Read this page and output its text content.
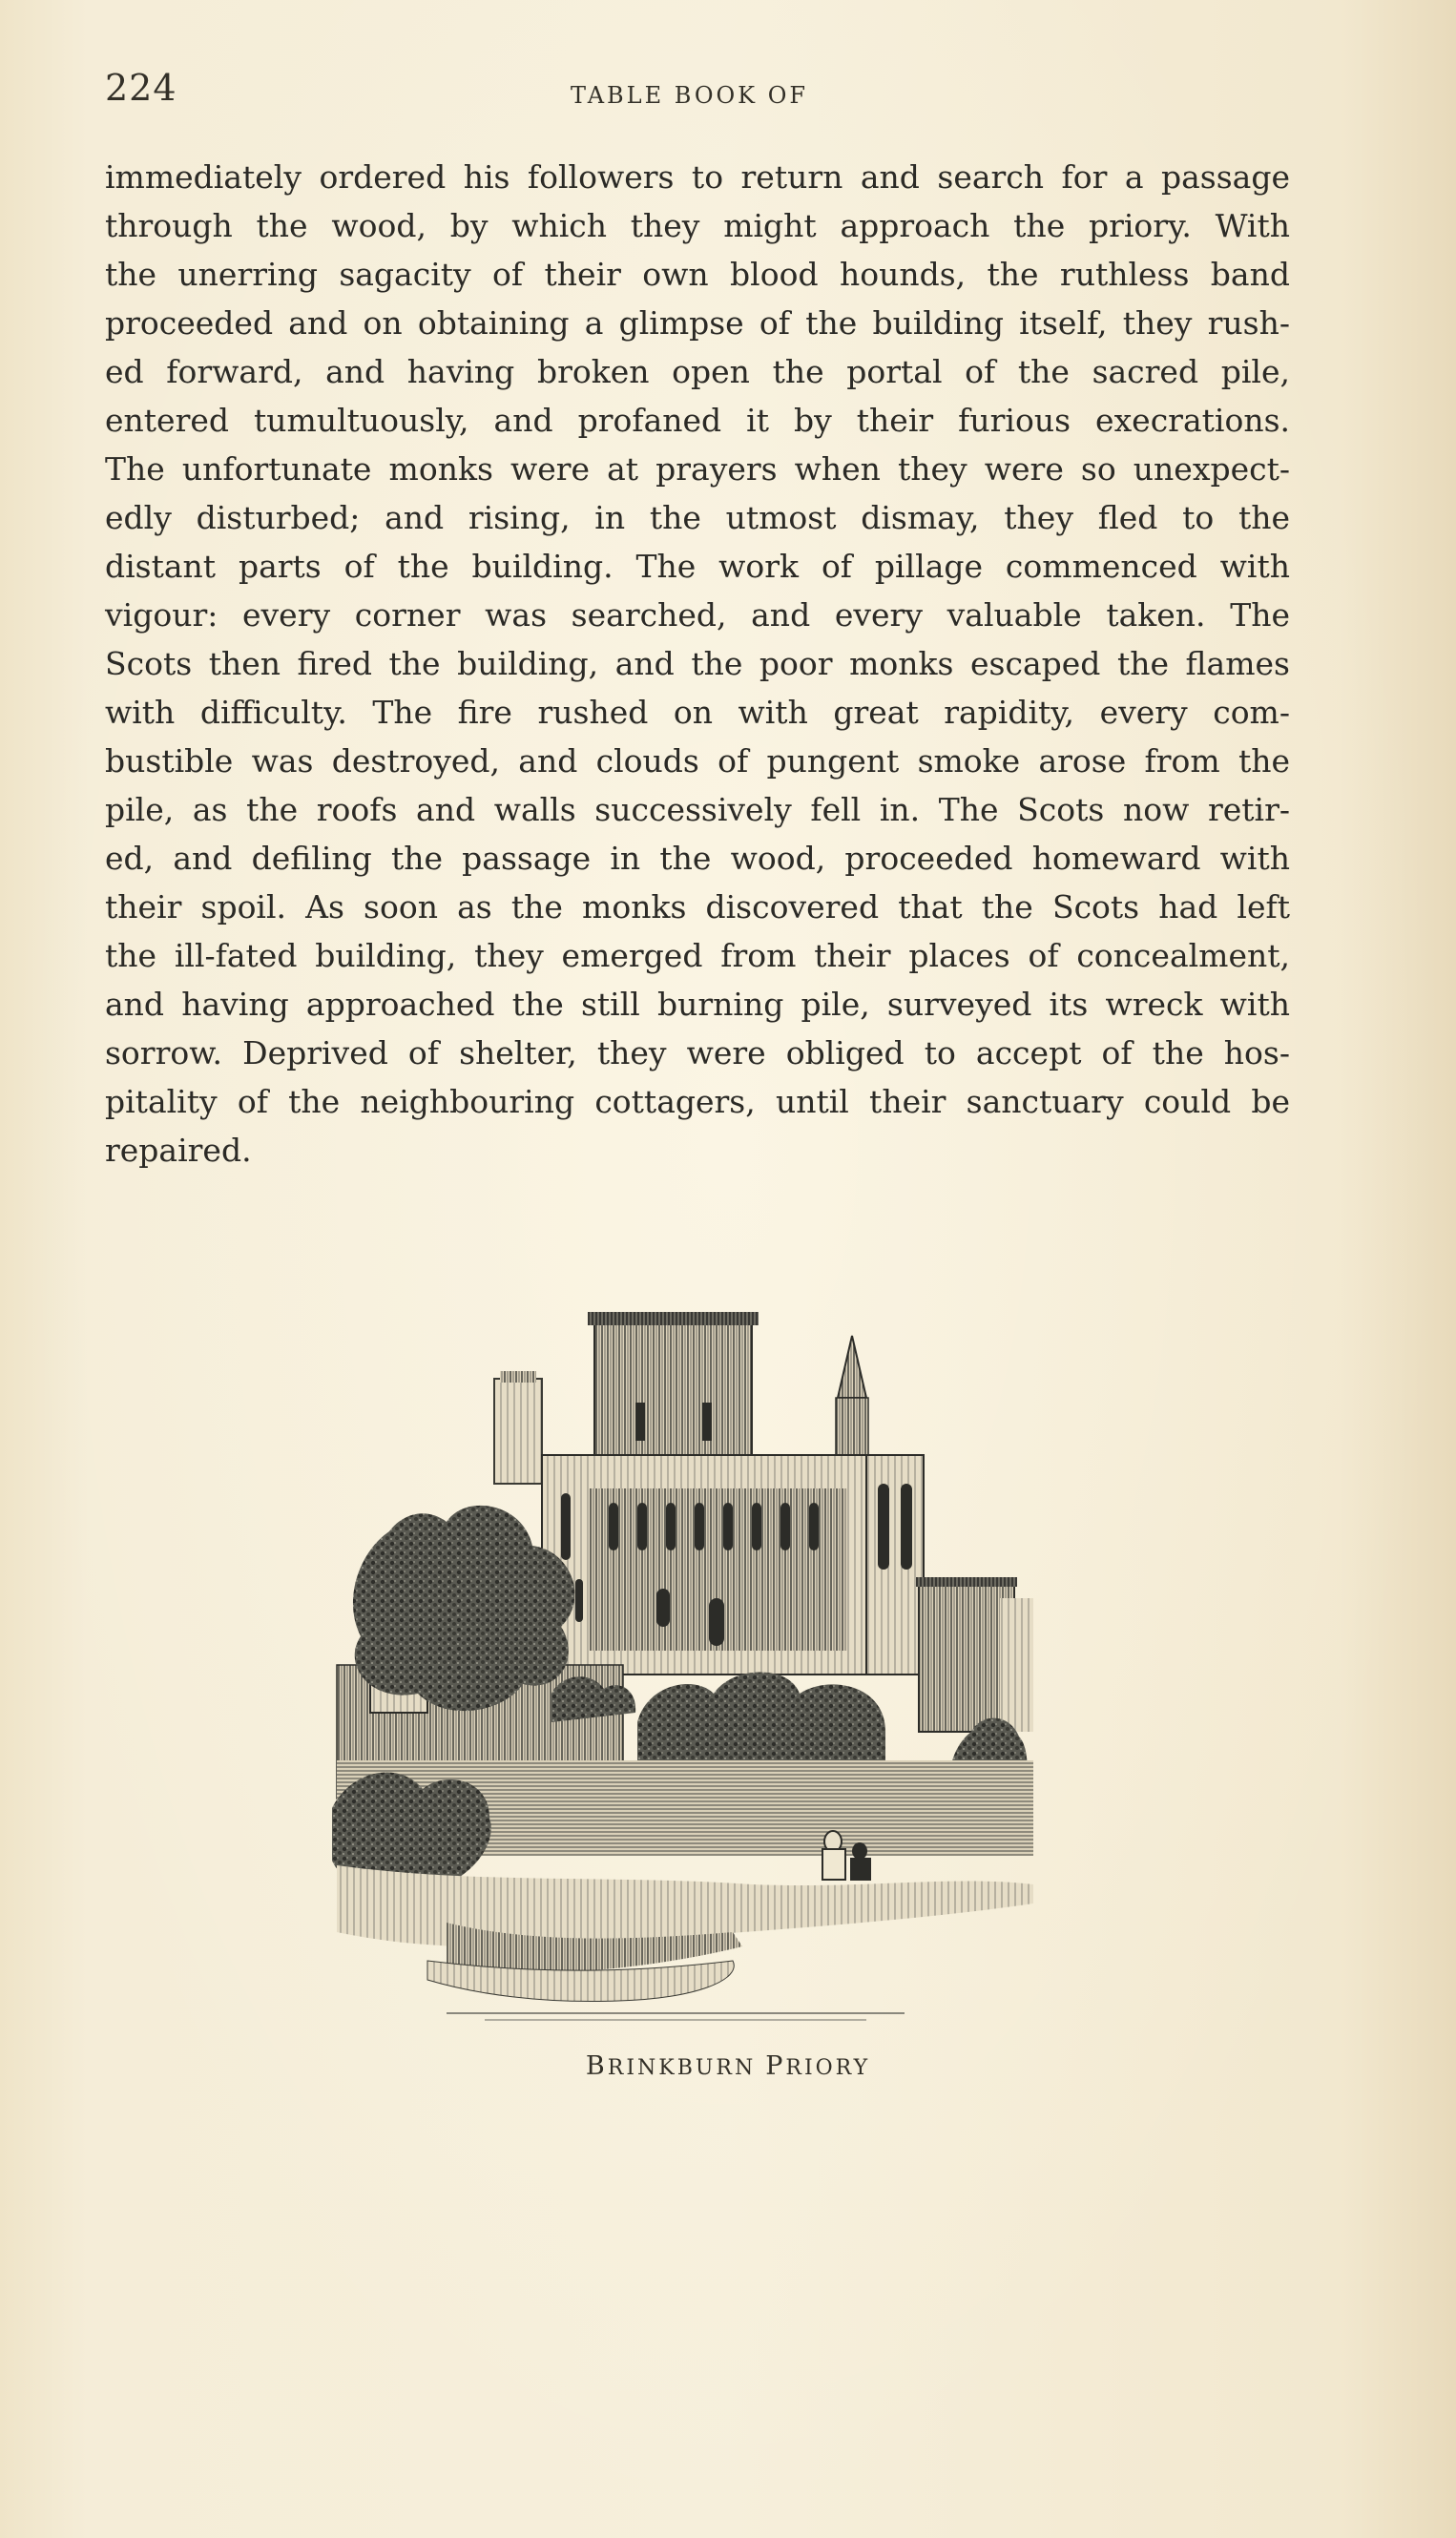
224	TABLE BOOK OF
immediately ordered his followers to return and search for a passage
through the wood, by which they might approach the priory. With
the unerring sagacity of their own blood hounds, the ruthless band
proceeded and on obtaining a glimpse of the building itself, they rush-
ed forward, and having broken open the portal of the sacred pile,
entered tumultuously, and profaned it by their furious execrations.
The unfortunate monks were at prayers when they were so unexpect-
edly disturbed; and rising, in the utmost dismay, they fled to the
distant parts of the building. The work of pillage commenced with
vigour: every corner was searched, and every valuable taken. The
Scots then fired the building, and the poor monks escaped the flames
with difficulty. The fire rushed on with great rapidity, every com-
bustible was destroyed, and clouds of pungent smoke arose from the
pile, as the roofs and walls successively fell in. The Scots now retir-
ed, and defiling the passage in the wood, proceeded homeward with
their spoil. As soon as the monks discovered that the Scots had left
the ill-fated building, they emerged from their places of concealment,
and having approached the still burning pile, surveyed its wreck with
sorrow. Deprived of shelter, they were obliged to accept of the hos-
pitality of the neighbouring cottagers, until their sanctuary could be
repaired.
BRINKBURN PRIORY
